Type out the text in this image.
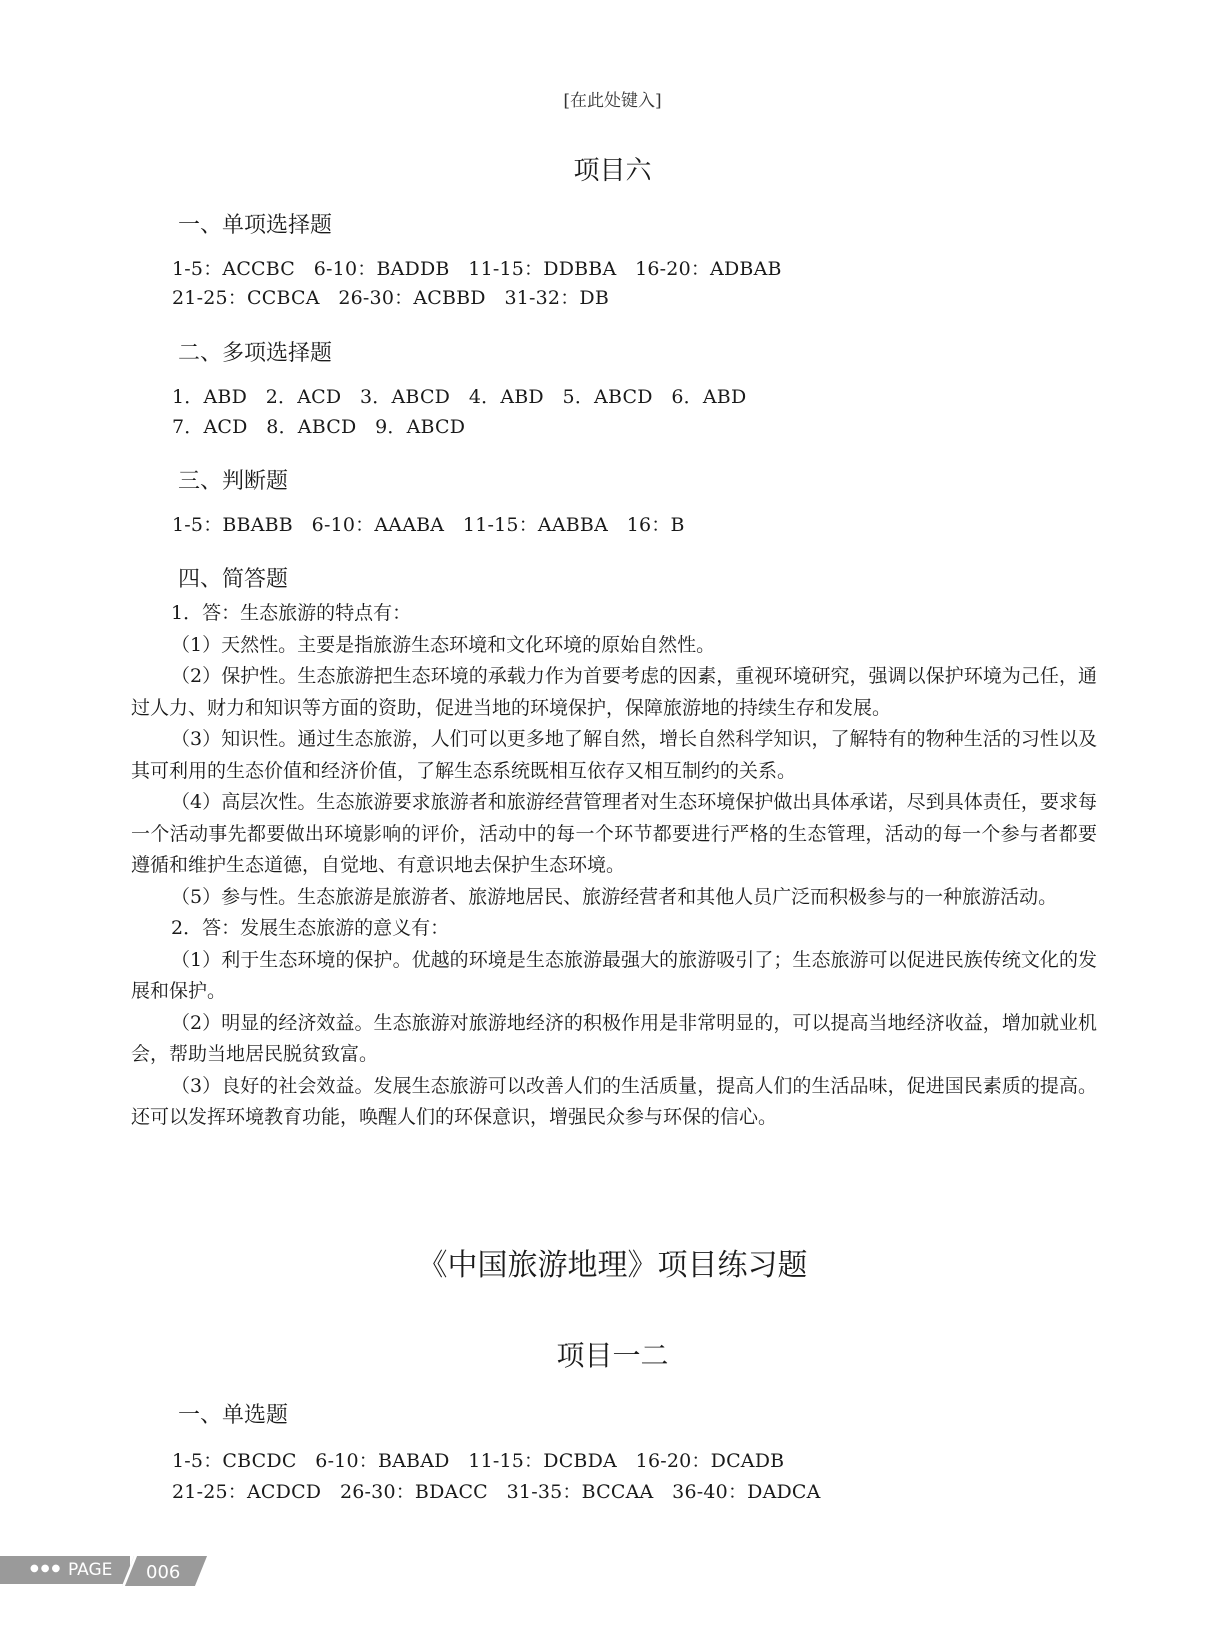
[在此处键入]
项目六
一、单项选择题

1-5：ACCBC   6-10：BADDB   11-15：DDBBA   16-20：ADBAB

21-25：CCBCA   26-30：ACBBD   31-32：DB

二、多项选择题

1．ABD   2．ACD   3．ABCD   4．ABD   5．ABCD   6．ABD

7．ACD   8．ABCD   9．ABCD

三、判断题

1-5：BBABB   6-10：AAABA   11-15：AABBA   16：B

四、简答题

1．答：生态旅游的特点有：

（1）天然性。主要是指旅游生态环境和文化环境的原始自然性。

（2）保护性。生态旅游把生态环境的承载力作为首要考虑的因素，重视环境研究，强调以保护环境为己任，通过人力、财力和知识等方面的资助，促进当地的环境保护，保障旅游地的持续生存和发展。

（3）知识性。通过生态旅游，人们可以更多地了解自然，增长自然科学知识，了解特有的物种生活的习性以及其可利用的生态价值和经济价值，了解生态系统既相互依存又相互制约的关系。

（4）高层次性。生态旅游要求旅游者和旅游经营管理者对生态环境保护做出具体承诺，尽到具体责任，要求每一个活动事先都要做出环境影响的评价，活动中的每一个环节都要进行严格的生态管理，活动的每一个参与者都要遵循和维护生态道德，自觉地、有意识地去保护生态环境。

（5）参与性。生态旅游是旅游者、旅游地居民、旅游经营者和其他人员广泛而积极参与的一种旅游活动。

2．答：发展生态旅游的意义有：

（1）利于生态环境的保护。优越的环境是生态旅游最强大的旅游吸引了；生态旅游可以促进民族传统文化的发展和保护。

（2）明显的经济效益。生态旅游对旅游地经济的积极作用是非常明显的，可以提高当地经济收益，增加就业机会，帮助当地居民脱贫致富。

（3）良好的社会效益。发展生态旅游可以改善人们的生活质量，提高人们的生活品味，促进国民素质的提高。还可以发挥环境教育功能，唤醒人们的环保意识，增强民众参与环保的信心。

《中国旅游地理》项目练习题
项目一二
一、单选题

1-5：CBCDC   6-10：BABAD   11-15：DCBDA   16-20：DCADB

21-25：ACDCD   26-30：BDACC   31-35：BCCAA   36-40：DADCA

●●● PAGE 006
